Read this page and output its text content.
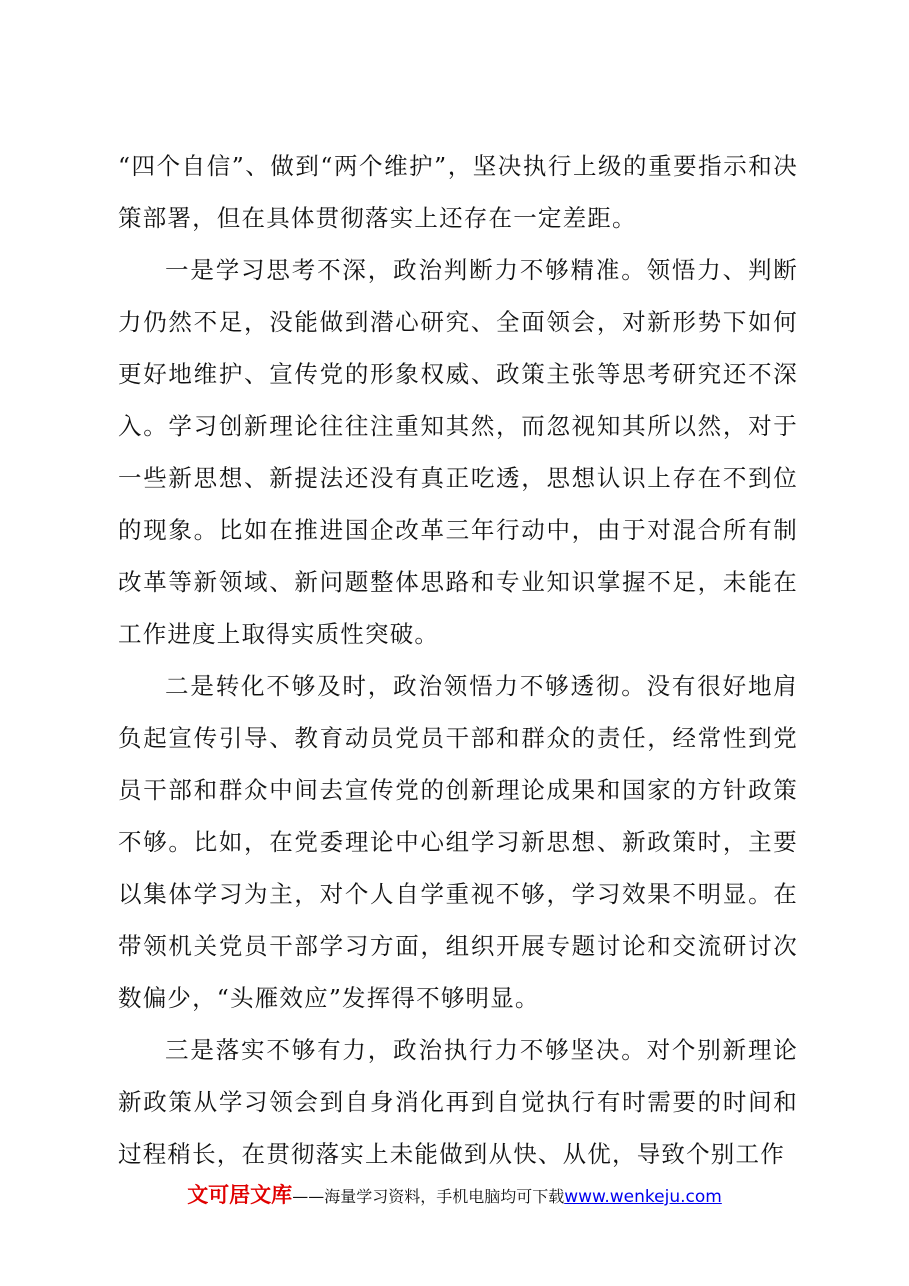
“四个自信”、做到“两个维护”，坚决执行上级的重要指示和决策部署，但在具体贯彻落实上还存在一定差距。

一是学习思考不深，政治判断力不够精准。领悟力、判断力仍然不足，没能做到潜心研究、全面领会，对新形势下如何更好地维护、宣传党的形象权威、政策主张等思考研究还不深入。学习创新理论往往注重知其然，而忽视知其所以然，对于一些新思想、新提法还没有真正吃透，思想认识上存在不到位的现象。比如在推进国企改革三年行动中，由于对混合所有制改革等新领域、新问题整体思路和专业知识掌握不足，未能在工作进度上取得实质性突破。

二是转化不够及时，政治领悟力不够透彻。没有很好地肩负起宣传引导、教育动员党员干部和群众的责任，经常性到党员干部和群众中间去宣传党的创新理论成果和国家的方针政策不够。比如，在党委理论中心组学习新思想、新政策时，主要以集体学习为主，对个人自学重视不够，学习效果不明显。在带领机关党员干部学习方面，组织开展专题讨论和交流研讨次数偏少，“头雁效应”发挥得不够明显。

三是落实不够有力，政治执行力不够坚决。对个别新理论新政策从学习领会到自身消化再到自觉执行有时需要的时间和过程稍长，在贯彻落实上未能做到从快、从优，导致个别工作

文可居文库——海量学习资料，手机电脑均可下载www.wenkeju.com
